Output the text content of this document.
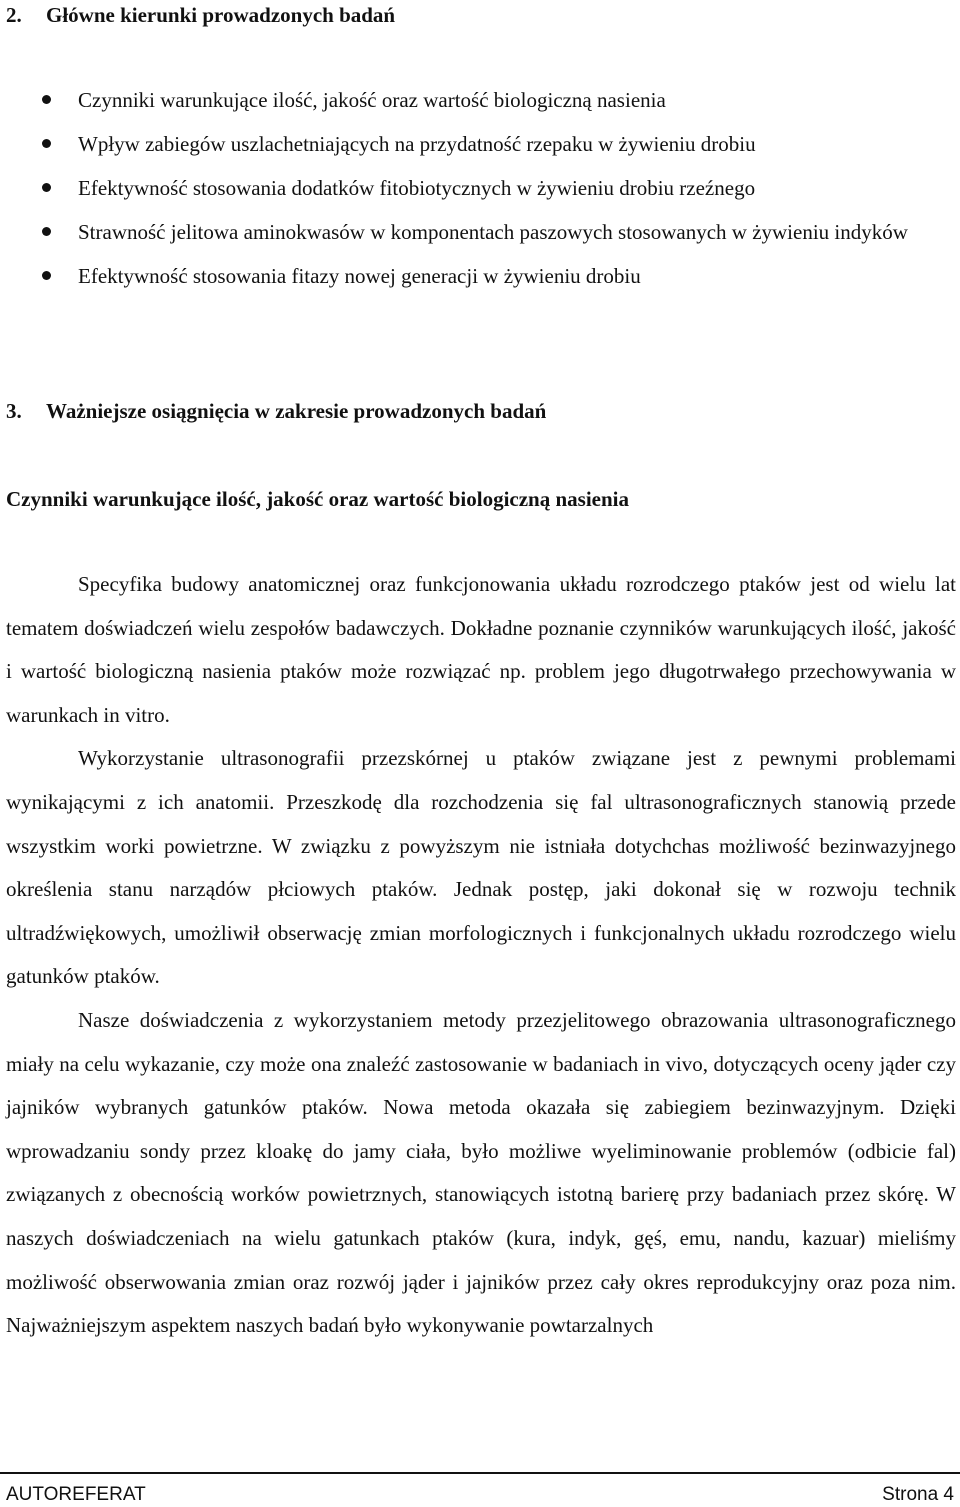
2. Główne kierunki prowadzonych badań
Czynniki warunkujące ilość, jakość oraz wartość biologiczną nasienia
Wpływ zabiegów uszlachetniających na przydatność rzepaku w żywieniu drobiu
Efektywność stosowania dodatków fitobiotycznych w żywieniu drobiu rzeźnego
Strawność jelitowa aminokwasów w komponentach paszowych stosowanych w żywieniu indyków
Efektywność stosowania fitazy nowej generacji w żywieniu drobiu
3. Ważniejsze osiągnięcia w zakresie prowadzonych badań
Czynniki warunkujące ilość, jakość oraz wartość biologiczną nasienia

Specyfika budowy anatomicznej oraz funkcjonowania układu rozrodczego ptaków jest od wielu lat tematem doświadczeń wielu zespołów badawczych. Dokładne poznanie czynników warunkujących ilość, jakość i wartość biologiczną nasienia ptaków może rozwiązać np. problem jego długotrwałego przechowywania w warunkach in vitro.

Wykorzystanie ultrasonografii przezskórnej u ptaków związane jest z pewnymi problemami wynikającymi z ich anatomii. Przeszkodę dla rozchodzenia się fal ultrasonograficznych stanowią przede wszystkim worki powietrzne. W związku z powyższym nie istniała dotychchas możliwość bezinwazyjnego określenia stanu narządów płciowych ptaków. Jednak postęp, jaki dokonał się w rozwoju technik ultradźwiękowych, umożliwił obserwację zmian morfologicznych i funkcjonalnych układu rozrodczego wielu gatunków ptaków.

Nasze doświadczenia z wykorzystaniem metody przezjelitowego obrazowania ultrasonograficznego miały na celu wykazanie, czy może ona znaleźć zastosowanie w badaniach in vivo, dotyczących oceny jąder czy jajników wybranych gatunków ptaków. Nowa metoda okazała się zabiegiem bezinwazyjnym. Dzięki wprowadzaniu sondy przez kloakę do jamy ciała, było możliwe wyeliminowanie problemów (odbicie fal) związanych z obecnością worków powietrznych, stanowiących istotną barierę przy badaniach przez skórę. W naszych doświadczeniach na wielu gatunkach ptaków (kura, indyk, gęś, emu, nandu, kazuar) mieliśmy możliwość obserwowania zmian oraz rozwój jąder i jajników przez cały okres reprodukcyjny oraz poza nim. Najważniejszym aspektem naszych badań było wykonywanie powtarzalnych

AUTOREFERAT	Strona 4
